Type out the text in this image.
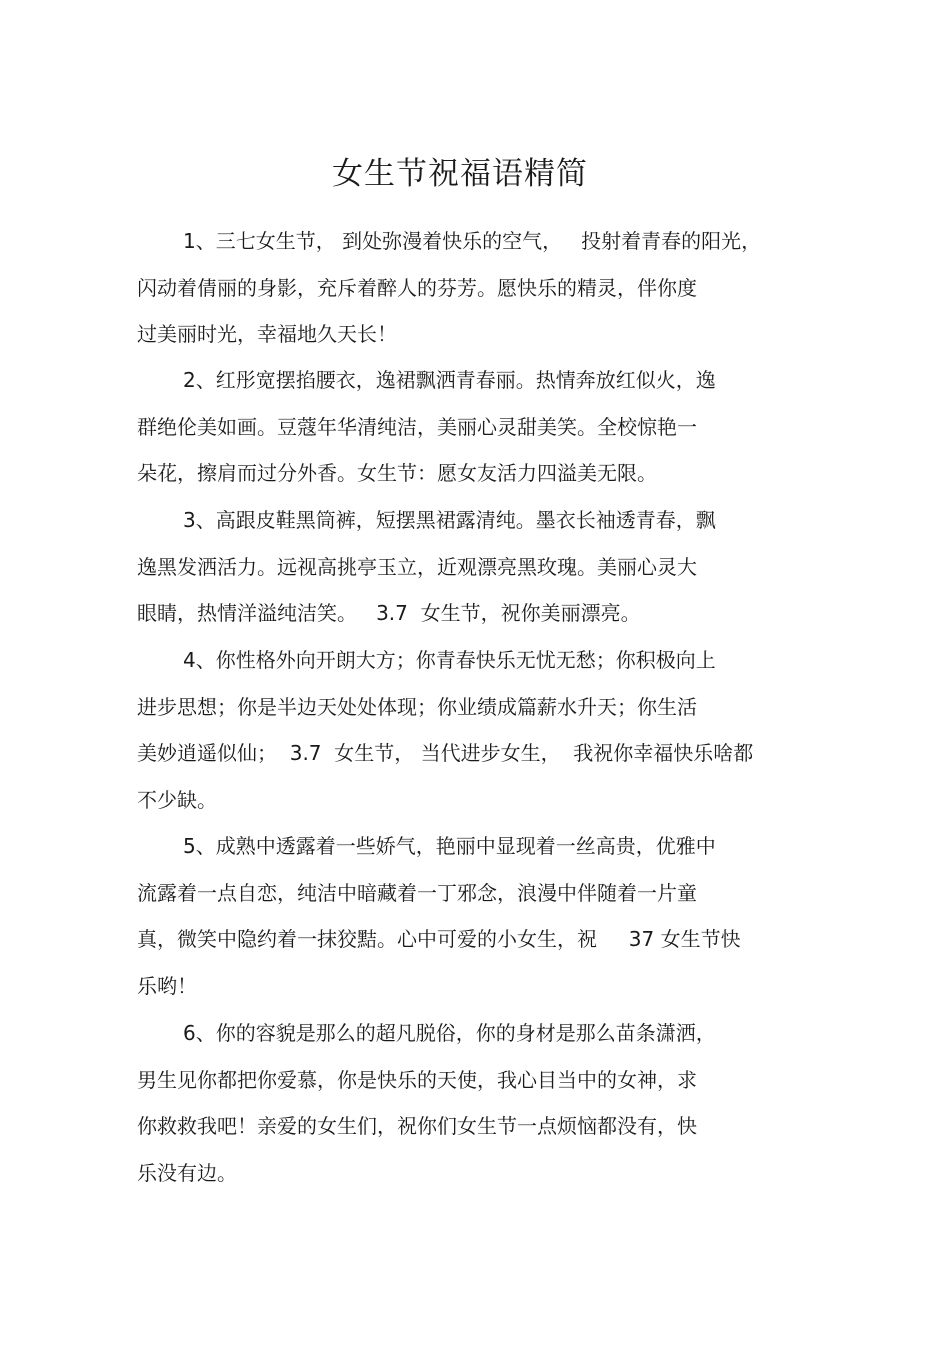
女生节祝福语精简
1、三七女生节， 到处弥漫着快乐的空气，   投射着青春的阳光，
闪动着倩丽的身影，充斥着醉人的芬芳。愿快乐的精灵，伴你度
过美丽时光，幸福地久天长！
2、红彤宽摆掐腰衣，逸裙飘洒青春丽。热情奔放红似火，逸
群绝伦美如画。豆蔻年华清纯洁，美丽心灵甜美笑。全校惊艳一
朵花，擦肩而过分外香。女生节：愿女友活力四溢美无限。
3、高跟皮鞋黑筒裤，短摆黑裙露清纯。墨衣长袖透青春，飘
逸黑发洒活力。远视高挑亭玉立，近观漂亮黑玫瑰。美丽心灵大
眼睛，热情洋溢纯洁笑。   3.7  女生节，祝你美丽漂亮。
4、你性格外向开朗大方；你青春快乐无忧无愁；你积极向上
进步思想；你是半边天处处体现；你业绩成篇薪水升天；你生活
美妙逍遥似仙；  3.7  女生节， 当代进步女生，  我祝你幸福快乐啥都
不少缺。
5、成熟中透露着一些娇气，艳丽中显现着一丝高贵，优雅中
流露着一点自恋，纯洁中暗藏着一丁邪念，浪漫中伴随着一片童
真，微笑中隐约着一抹狡黠。心中可爱的小女生，祝     37 女生节快
乐哟！
6、你的容貌是那么的超凡脱俗，你的身材是那么苗条潇洒，
男生见你都把你爱慕，你是快乐的天使，我心目当中的女神，求
你救救我吧！亲爱的女生们，祝你们女生节一点烦恼都没有，快
乐没有边。
